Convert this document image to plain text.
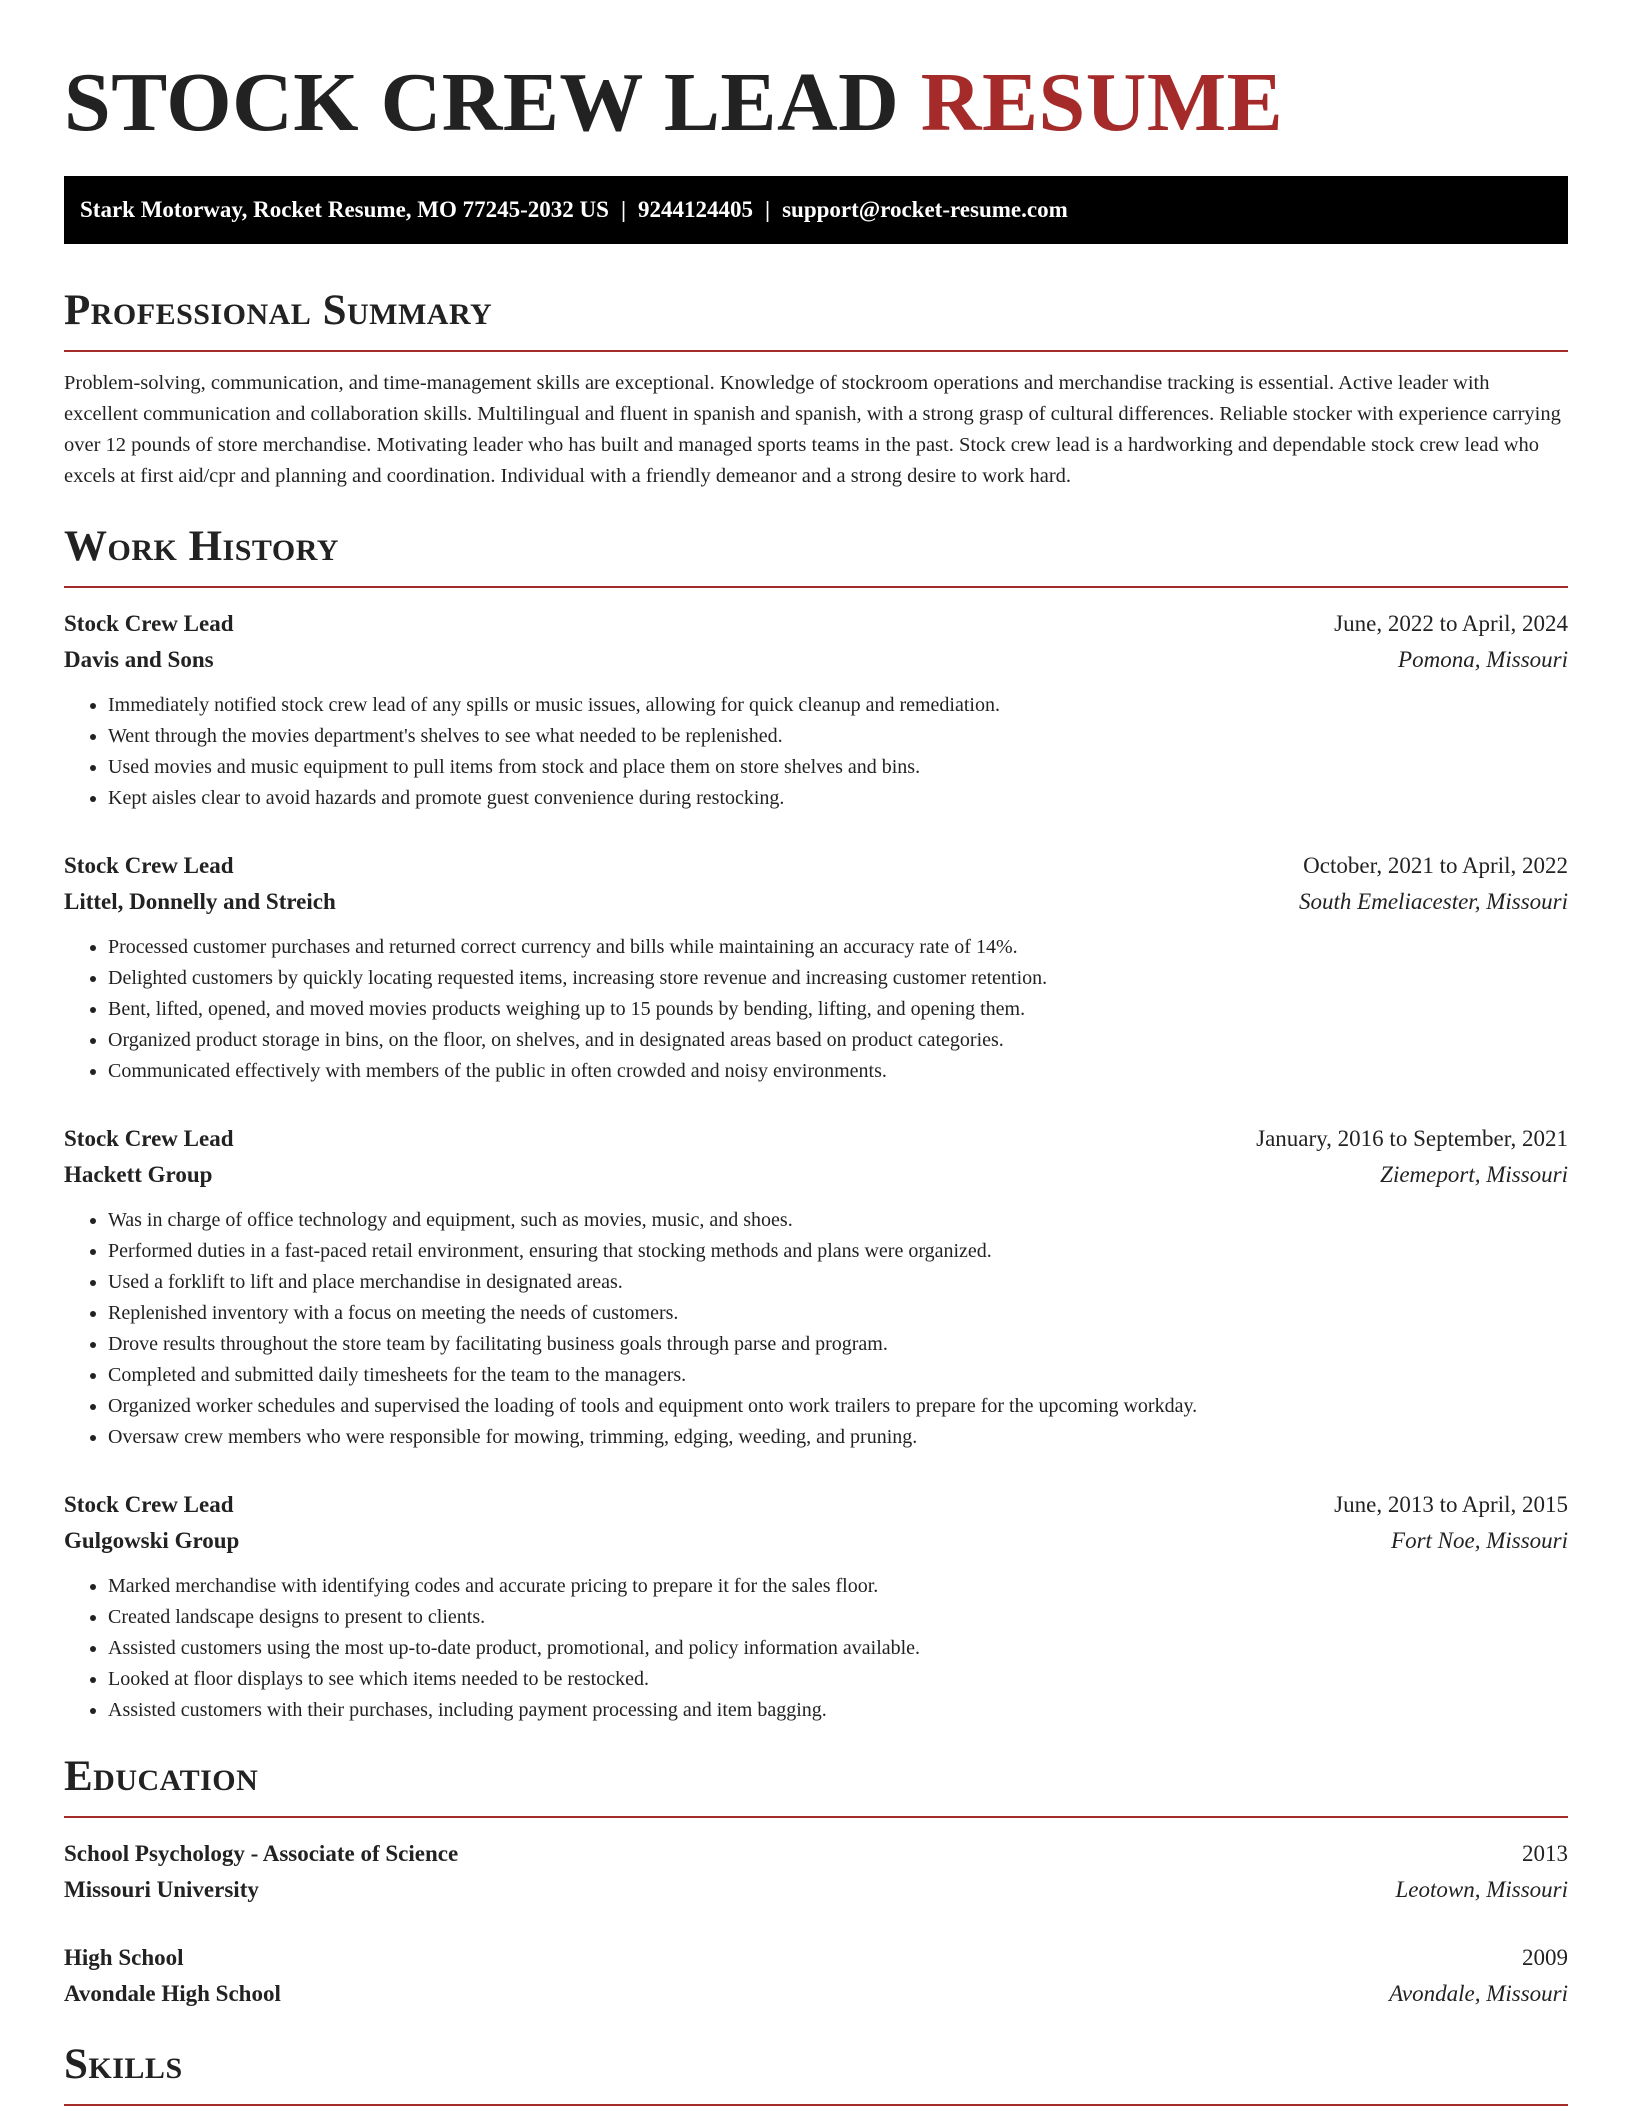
STOCK CREW LEAD RESUME
Stark Motorway, Rocket Resume, MO 77245-2032 US | 9244124405 | support@rocket-resume.com
Professional Summary

Problem-solving, communication, and time-management skills are exceptional. Knowledge of stockroom operations and merchandise tracking is essential. Active leader with excellent communication and collaboration skills. Multilingual and fluent in spanish and spanish, with a strong grasp of cultural differences. Reliable stocker with experience carrying over 12 pounds of store merchandise. Motivating leader who has built and managed sports teams in the past. Stock crew lead is a hardworking and dependable stock crew lead who excels at first aid/cpr and planning and coordination. Individual with a friendly demeanor and a strong desire to work hard.

Work History
Stock Crew Lead	June, 2022 to April, 2024
Davis and Sons	Pomona, Missouri
• Immediately notified stock crew lead of any spills or music issues, allowing for quick cleanup and remediation.
• Went through the movies department's shelves to see what needed to be replenished.
• Used movies and music equipment to pull items from stock and place them on store shelves and bins.
• Kept aisles clear to avoid hazards and promote guest convenience during restocking.
Stock Crew Lead	October, 2021 to April, 2022
Littel, Donnelly and Streich	South Emeliacester, Missouri
• Processed customer purchases and returned correct currency and bills while maintaining an accuracy rate of 14%.
• Delighted customers by quickly locating requested items, increasing store revenue and increasing customer retention.
• Bent, lifted, opened, and moved movies products weighing up to 15 pounds by bending, lifting, and opening them.
• Organized product storage in bins, on the floor, on shelves, and in designated areas based on product categories.
• Communicated effectively with members of the public in often crowded and noisy environments.
Stock Crew Lead	January, 2016 to September, 2021
Hackett Group	Ziemeport, Missouri
• Was in charge of office technology and equipment, such as movies, music, and shoes.
• Performed duties in a fast-paced retail environment, ensuring that stocking methods and plans were organized.
• Used a forklift to lift and place merchandise in designated areas.
• Replenished inventory with a focus on meeting the needs of customers.
• Drove results throughout the store team by facilitating business goals through parse and program.
• Completed and submitted daily timesheets for the team to the managers.
• Organized worker schedules and supervised the loading of tools and equipment onto work trailers to prepare for the upcoming workday.
• Oversaw crew members who were responsible for mowing, trimming, edging, weeding, and pruning.
Stock Crew Lead	June, 2013 to April, 2015
Gulgowski Group	Fort Noe, Missouri
• Marked merchandise with identifying codes and accurate pricing to prepare it for the sales floor.
• Created landscape designs to present to clients.
• Assisted customers using the most up-to-date product, promotional, and policy information available.
• Looked at floor displays to see which items needed to be restocked.
• Assisted customers with their purchases, including payment processing and item bagging.
Education
School Psychology - Associate of Science	2013
Missouri University	Leotown, Missouri
High School	2009
Avondale High School	Avondale, Missouri
Skills
